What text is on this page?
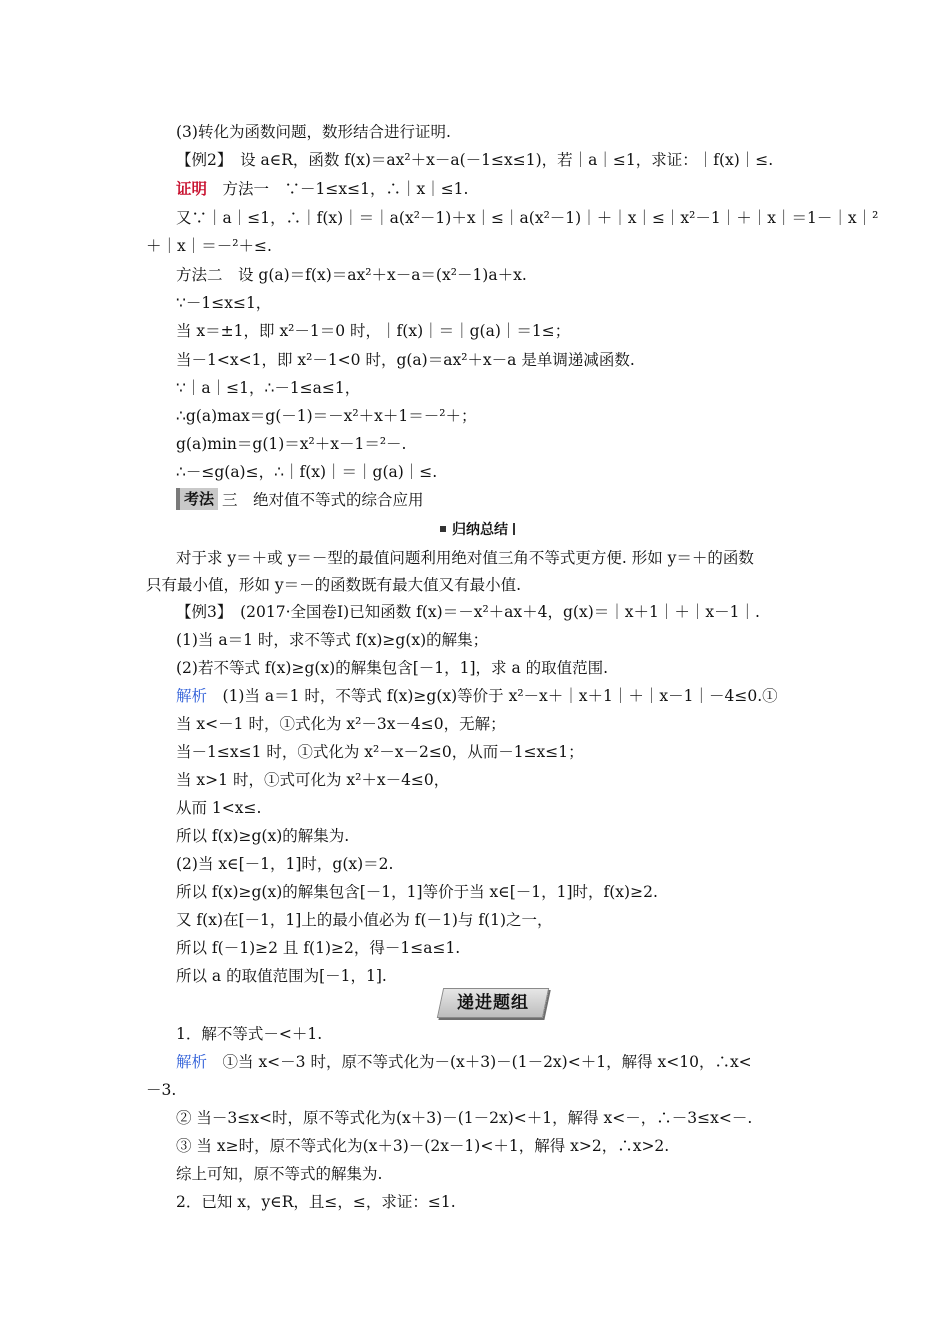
(3)转化为函数问题，数形结合进行证明.
【例2】　设 a∈R，函数 f(x)＝ax²＋x－a(－1≤x≤1)，若｜a｜≤1，求证：｜f(x)｜≤.
证明　方法一　∵－1≤x≤1，∴｜x｜≤1.
又∵｜a｜≤1，∴｜f(x)｜＝｜a(x²－1)＋x｜≤｜a(x²－1)｜＋｜x｜≤｜x²－1｜＋｜x｜＝1－｜x｜²
＋｜x｜＝－²＋≤.
方法二　设 g(a)＝f(x)＝ax²＋x－a＝(x²－1)a＋x.
∵－1≤x≤1，
当 x＝±1，即 x²－1＝0 时，｜f(x)｜＝｜g(a)｜＝1≤；
当－1<x<1，即 x²－1<0 时，g(a)＝ax²＋x－a 是单调递减函数.
∵｜a｜≤1，∴－1≤a≤1，
∴g(a)max＝g(－1)＝－x²＋x＋1＝－²＋；
g(a)min＝g(1)＝x²＋x－1＝²－.
∴－≤g(a)≤，∴｜f(x)｜＝｜g(a)｜≤.
考法 三　绝对值不等式的综合应用
归纳总结
对于求 y＝＋或 y＝－型的最值问题利用绝对值三角不等式更方便. 形如 y＝＋的函数
只有最小值，形如 y＝－的函数既有最大值又有最小值.
【例3】　(2017·全国卷Ⅰ)已知函数 f(x)＝－x²＋ax＋4，g(x)＝｜x＋1｜＋｜x－1｜.
(1)当 a＝1 时，求不等式 f(x)≥g(x)的解集；
(2)若不等式 f(x)≥g(x)的解集包含[－1，1]，求 a 的取值范围.
解析　(1)当 a＝1 时，不等式 f(x)≥g(x)等价于 x²－x＋｜x＋1｜＋｜x－1｜－4≤0.①
当 x<－1 时，①式化为 x²－3x－4≤0，无解；
当－1≤x≤1 时，①式化为 x²－x－2≤0，从而－1≤x≤1；
当 x>1 时，①式可化为 x²＋x－4≤0，
从而 1<x≤.
所以 f(x)≥g(x)的解集为.
(2)当 x∈[－1，1]时，g(x)＝2.
所以 f(x)≥g(x)的解集包含[－1，1]等价于当 x∈[－1，1]时，f(x)≥2.
又 f(x)在[－1，1]上的最小值必为 f(－1)与 f(1)之一，
所以 f(－1)≥2 且 f(1)≥2，得－1≤a≤1.
所以 a 的取值范围为[－1，1].
递进题组
1．解不等式－<＋1.
解析　①当 x<－3 时，原不等式化为－(x＋3)－(1－2x)<＋1，解得 x<10，∴x<
－3.
② 当－3≤x<时，原不等式化为(x＋3)－(1－2x)<＋1，解得 x<－，∴－3≤x<－.
③ 当 x≥时，原不等式化为(x＋3)－(2x－1)<＋1，解得 x>2，∴x>2.
综上可知，原不等式的解集为.
2．已知 x，y∈R，且≤，≤，求证：≤1.
